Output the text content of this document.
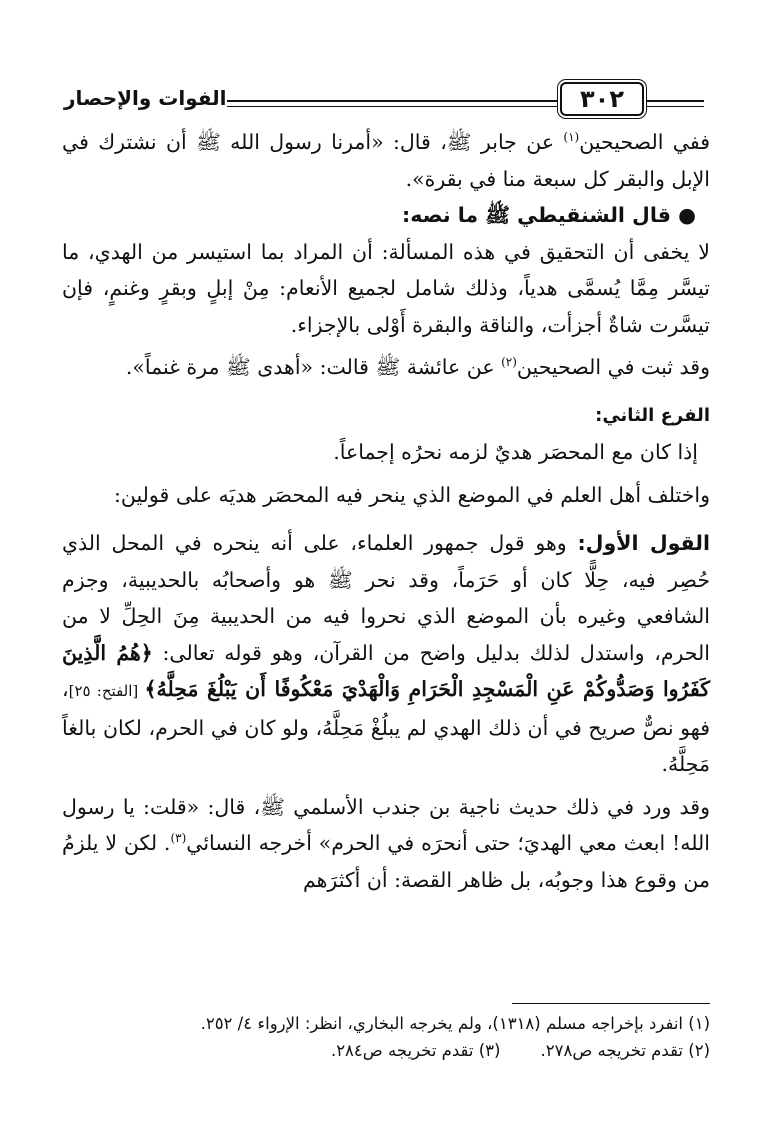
٣٠٢
الفوات والإحصار

ففي الصحيحين$^{(١)}$ عن جابر ﷺ، قال: «أمرنا رسول الله ﷺ أن نشترك في الإبل والبقر كل سبعة منا في بقرة».

● قال الشنقيطي ﷺ ما نصه:

لا يخفى أن التحقيق في هذه المسألة: أن المراد بما استيسر من الهدي، ما تيسَّر مِمَّا يُسمَّى هدياً، وذلك شامل لجميع الأنعام: مِنْ إبلٍ وبقرٍ وغنمٍ، فإن تيسَّرت شاةٌ أجزأت، والناقة والبقرة أَوْلى بالإجزاء.

وقد ثبت في الصحيحين$^{(٢)}$ عن عائشة ﷺ قالت: «أهدى ﷺ مرة غنماً».

الفرع الثاني:

إذا كان مع المحصَر هديٌ لزمه نحرُه إجماعاً.

واختلف أهل العلم في الموضع الذي ينحر فيه المحصَر هديَه على قولين:

القول الأول: وهو قول جمهور العلماء، على أنه ينحره في المحل الذي حُصِر فيه، حِلًّا كان أو حَرَماً، وقد نحر ﷺ هو وأصحابُه بالحديبية، وجزم الشافعي وغيره بأن الموضع الذي نحروا فيه من الحديبية مِنَ الحِلِّ لا من الحرم، واستدل لذلك بدليل واضح من القرآن، وهو قوله تعالى: ﴿هُمُ الَّذِينَ كَفَرُوا وَصَدُّوكُمْ عَنِ الْمَسْجِدِ الْحَرَامِ وَالْهَدْيَ مَعْكُوفًا أَن يَبْلُغَ مَحِلَّهُ﴾ [الفتح: ٢٥]، فهو نصٌّ صريح في أن ذلك الهدي لم يبلُغْ مَحِلَّهُ، ولو كان في الحرم، لكان بالغاً مَحِلَّهُ.

وقد ورد في ذلك حديث ناجية بن جندب الأسلمي ﷺ، قال: «قلت: يا رسول الله! ابعث معي الهديَ؛ حتى أنحرَه في الحرم» أخرجه النسائي$^{(٣)}$. لكن لا يلزمُ من وقوع هذا وجوبُه، بل ظاهر القصة: أن أكثرَهم

(١) انفرد بإخراجه مسلم (١٣١٨)، ولم يخرجه البخاري، انظر: الإرواء ٤/ ٢٥٢.
(٢) تقدم تخريجه ص٢٧٨.
(٣) تقدم تخريجه ص٢٨٤.
